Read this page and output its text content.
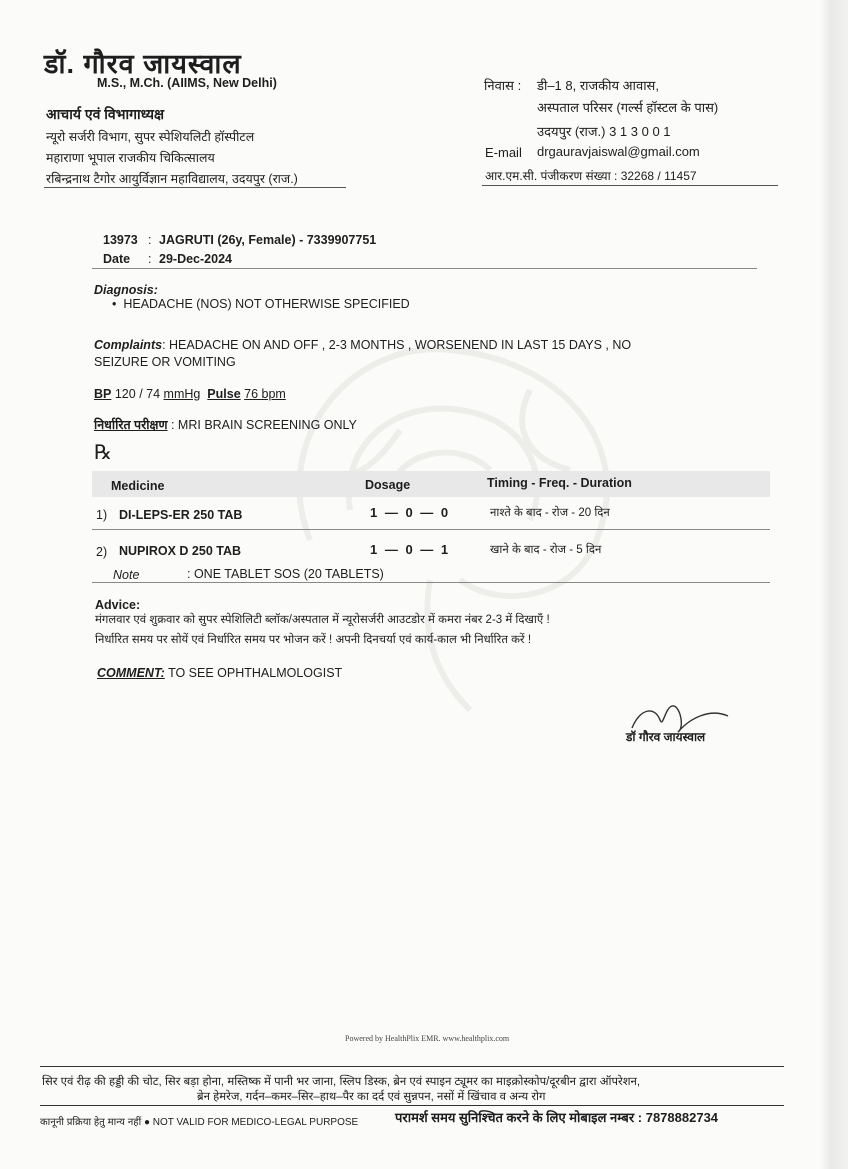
डॉ. गौरव जायस्वाल
M.S., M.Ch. (AIIMS, New Delhi)
आचार्य एवं विभागाध्यक्ष
न्यूरो सर्जरी विभाग, सुपर स्पेशियलिटी हॉस्पीटल
महाराणा भूपाल राजकीय चिकित्सालय
रबिन्द्रनाथ टैगोर आयुर्विज्ञान महाविद्यालय, उदयपुर (राज.)
निवास : डी–1 8, राजकीय आवास,
अस्पताल परिसर (गर्ल्स हॉस्टल के पास)
उदयपुर (राज.) 3 1 3 0 0 1
E-mail drgauravjaiswal@gmail.com
आर.एम.सी. पंजीकरण संख्या : 32268 / 11457
13973 : JAGRUTI (26y, Female) - 7339907751
Date : 29-Dec-2024
Diagnosis:
•  HEADACHE (NOS) NOT OTHERWISE SPECIFIED
Complaints: HEADACHE ON AND OFF , 2-3 MONTHS , WORSENEND IN LAST 15 DAYS , NO
SEIZURE OR VOMITING
BP 120 / 74 mmHg Pulse 76 bpm
निर्धारित परीक्षण : MRI BRAIN SCREENING ONLY
℞
Medicine	Dosage	Timing - Freq. - Duration
1) DI-LEPS-ER 250 TAB	1 — 0 — 0	नाश्ते के बाद - रोज - 20 दिन
2) NUPIROX D 250 TAB	1 — 0 — 1	खाने के बाद - रोज - 5 दिन
Note	: ONE TABLET SOS (20 TABLETS)
Advice:
मंगलवार एवं शुक्रवार को सुपर स्पेशिलिटी ब्लॉक/अस्पताल में न्यूरोसर्जरी आउटडोर में कमरा नंबर 2-3 में दिखाएँ !
निर्धारित समय पर सोयें एवं निर्धारित समय पर भोजन करें ! अपनी दिनचर्या एवं कार्य-काल भी निर्धारित करें !
COMMENT: TO SEE OPHTHALMOLOGIST
डॉ गौरव जायस्वाल
Powered by HealthPlix EMR. www.healthplix.com
सिर एवं रीढ़ की हड्डी की चोट, सिर बड़ा होना, मस्तिष्क में पानी भर जाना, स्लिप डिस्क, ब्रेन एवं स्पाइन ट्यूमर का माइक्रोस्कोप/दूरबीन द्वारा ऑपरेशन,
ब्रेन हेमरेज, गर्दन–कमर–सिर–हाथ–पैर का दर्द एवं सुन्नपन, नसों में खिंचाव व अन्य रोग
कानूनी प्रक्रिया हेतु मान्य नहीं ● NOT VALID FOR MEDICO-LEGAL PURPOSE	परामर्श समय सुनिश्चित करने के लिए मोबाइल नम्बर : 7878882734
